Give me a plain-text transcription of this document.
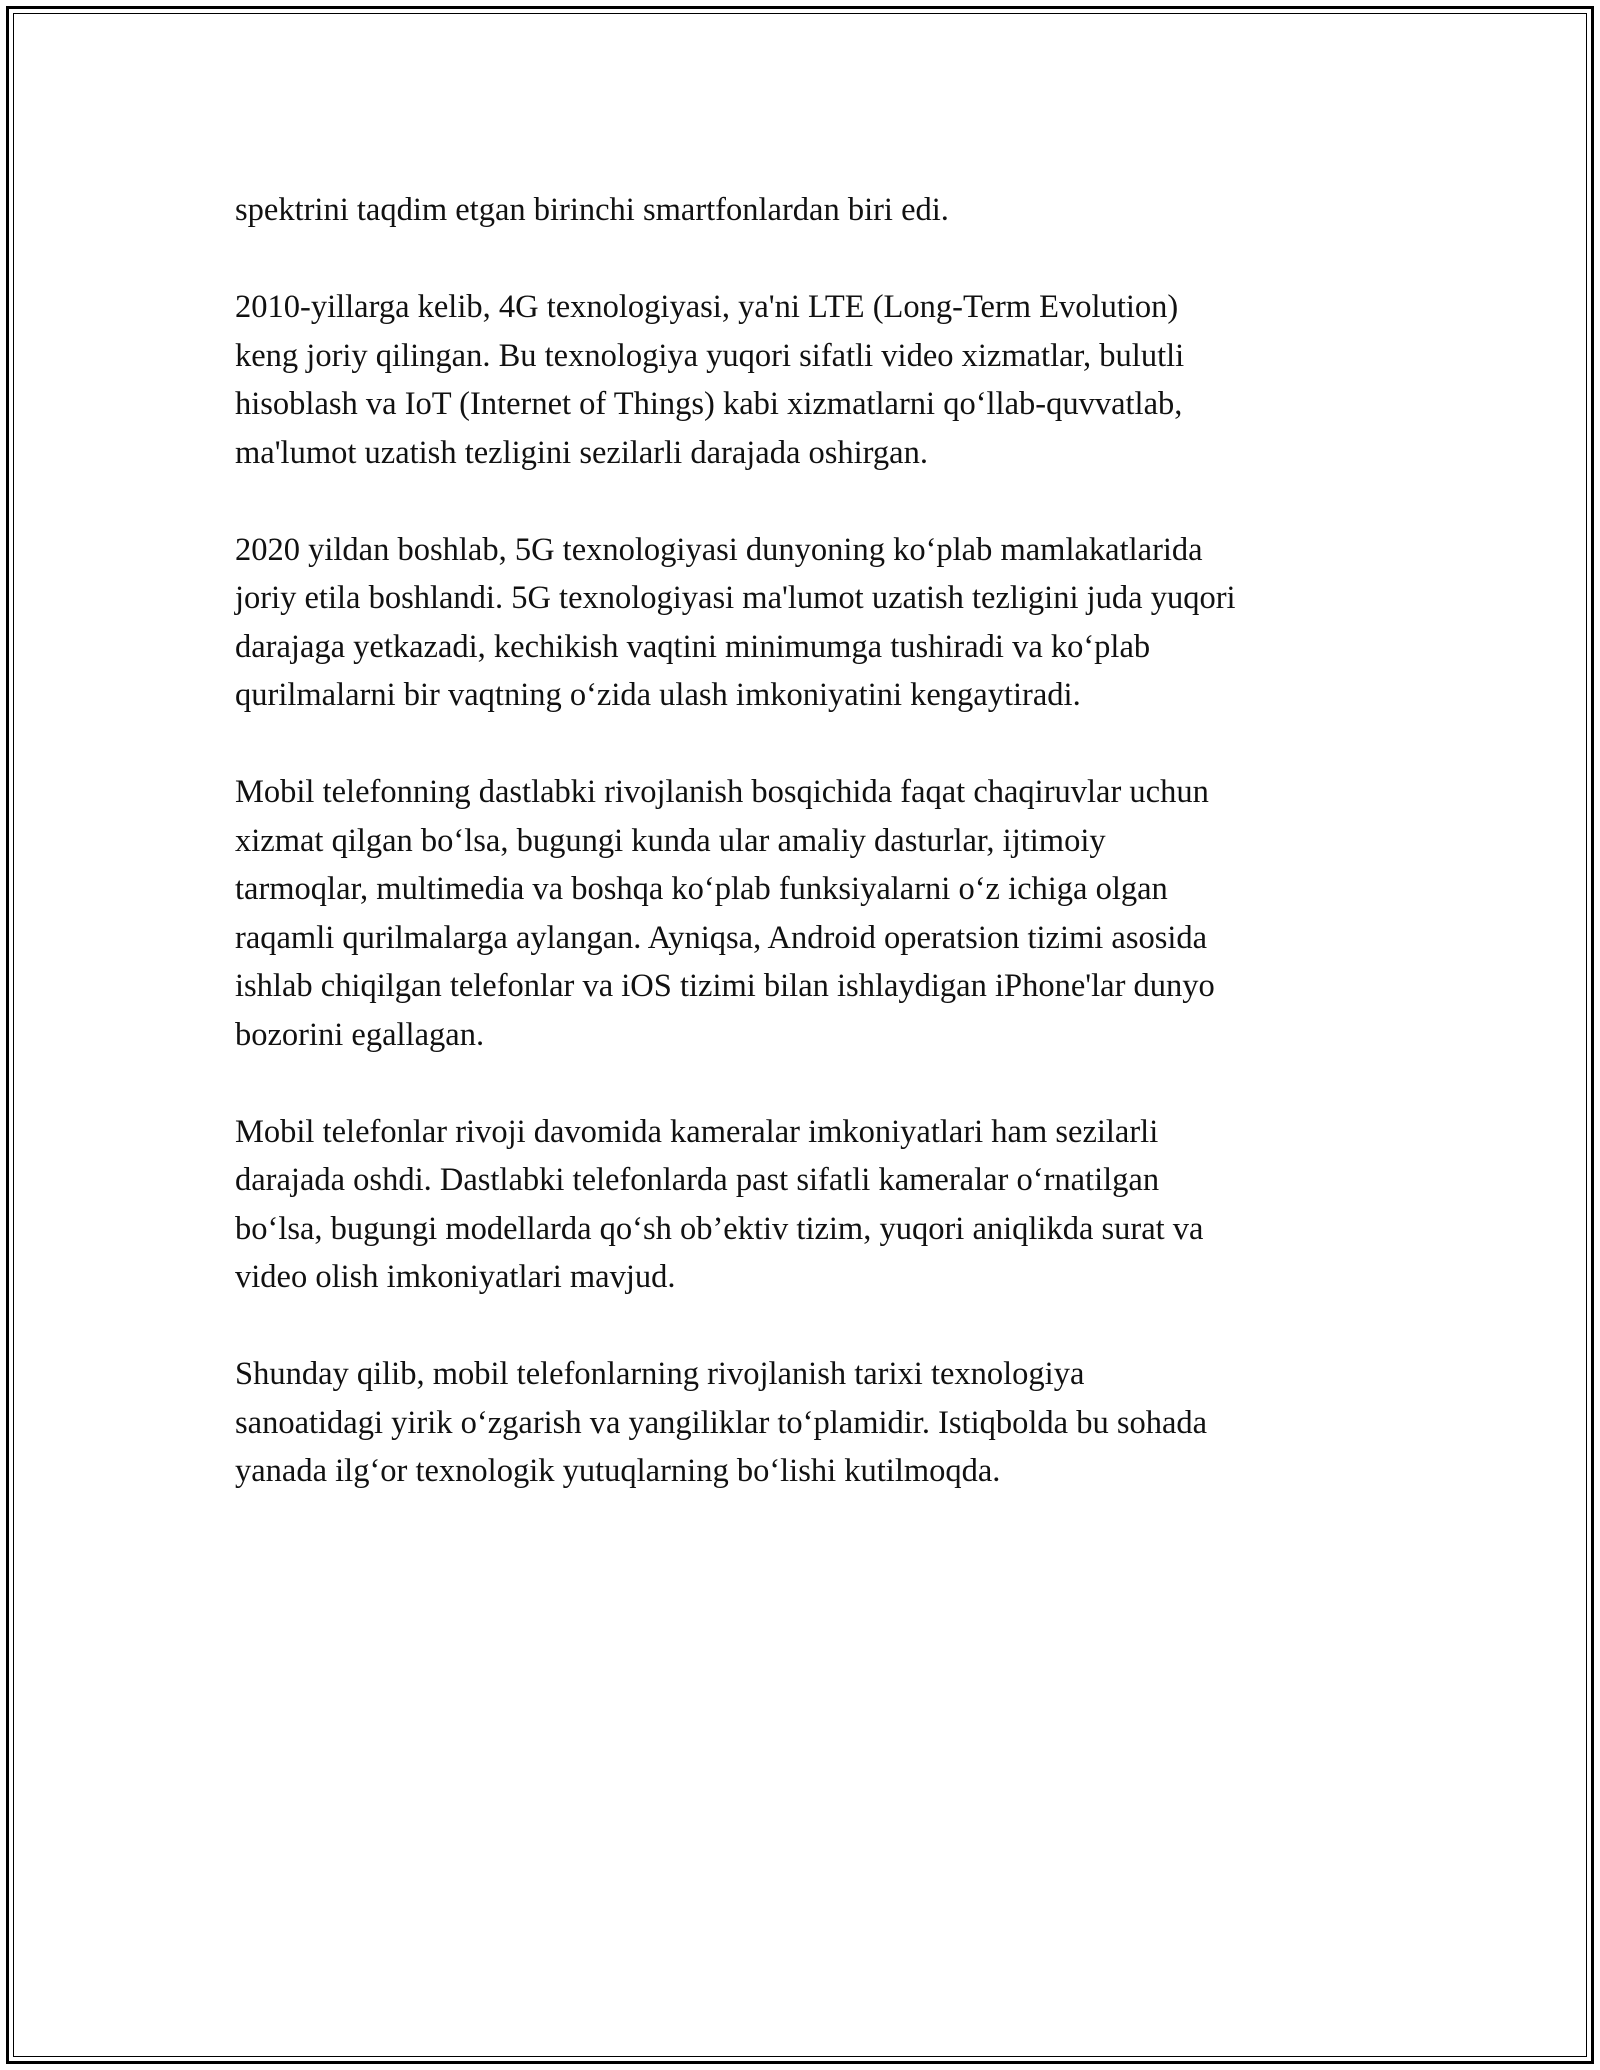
spektrini taqdim etgan birinchi smartfonlardan biri edi.

2010-yillarga kelib, 4G texnologiyasi, ya'ni LTE (Long-Term Evolution)
keng joriy qilingan. Bu texnologiya yuqori sifatli video xizmatlar, bulutli
hisoblash va IoT (Internet of Things) kabi xizmatlarni qo‘llab-quvvatlab,
ma'lumot uzatish tezligini sezilarli darajada oshirgan.

2020 yildan boshlab, 5G texnologiyasi dunyoning ko‘plab mamlakatlarida
joriy etila boshlandi. 5G texnologiyasi ma'lumot uzatish tezligini juda yuqori
darajaga yetkazadi, kechikish vaqtini minimumga tushiradi va ko‘plab
qurilmalarni bir vaqtning o‘zida ulash imkoniyatini kengaytiradi.

Mobil telefonning dastlabki rivojlanish bosqichida faqat chaqiruvlar uchun
xizmat qilgan bo‘lsa, bugungi kunda ular amaliy dasturlar, ijtimoiy
tarmoqlar, multimedia va boshqa ko‘plab funksiyalarni o‘z ichiga olgan
raqamli qurilmalarga aylangan. Ayniqsa, Android operatsion tizimi asosida
ishlab chiqilgan telefonlar va iOS tizimi bilan ishlaydigan iPhone'lar dunyo
bozorini egallagan.

Mobil telefonlar rivoji davomida kameralar imkoniyatlari ham sezilarli
darajada oshdi. Dastlabki telefonlarda past sifatli kameralar o‘rnatilgan
bo‘lsa, bugungi modellarda qo‘sh ob’ektiv tizim, yuqori aniqlikda surat va
video olish imkoniyatlari mavjud.

Shunday qilib, mobil telefonlarning rivojlanish tarixi texnologiya
sanoatidagi yirik o‘zgarish va yangiliklar to‘plamidir. Istiqbolda bu sohada
yanada ilg‘or texnologik yutuqlarning bo‘lishi kutilmoqda.
